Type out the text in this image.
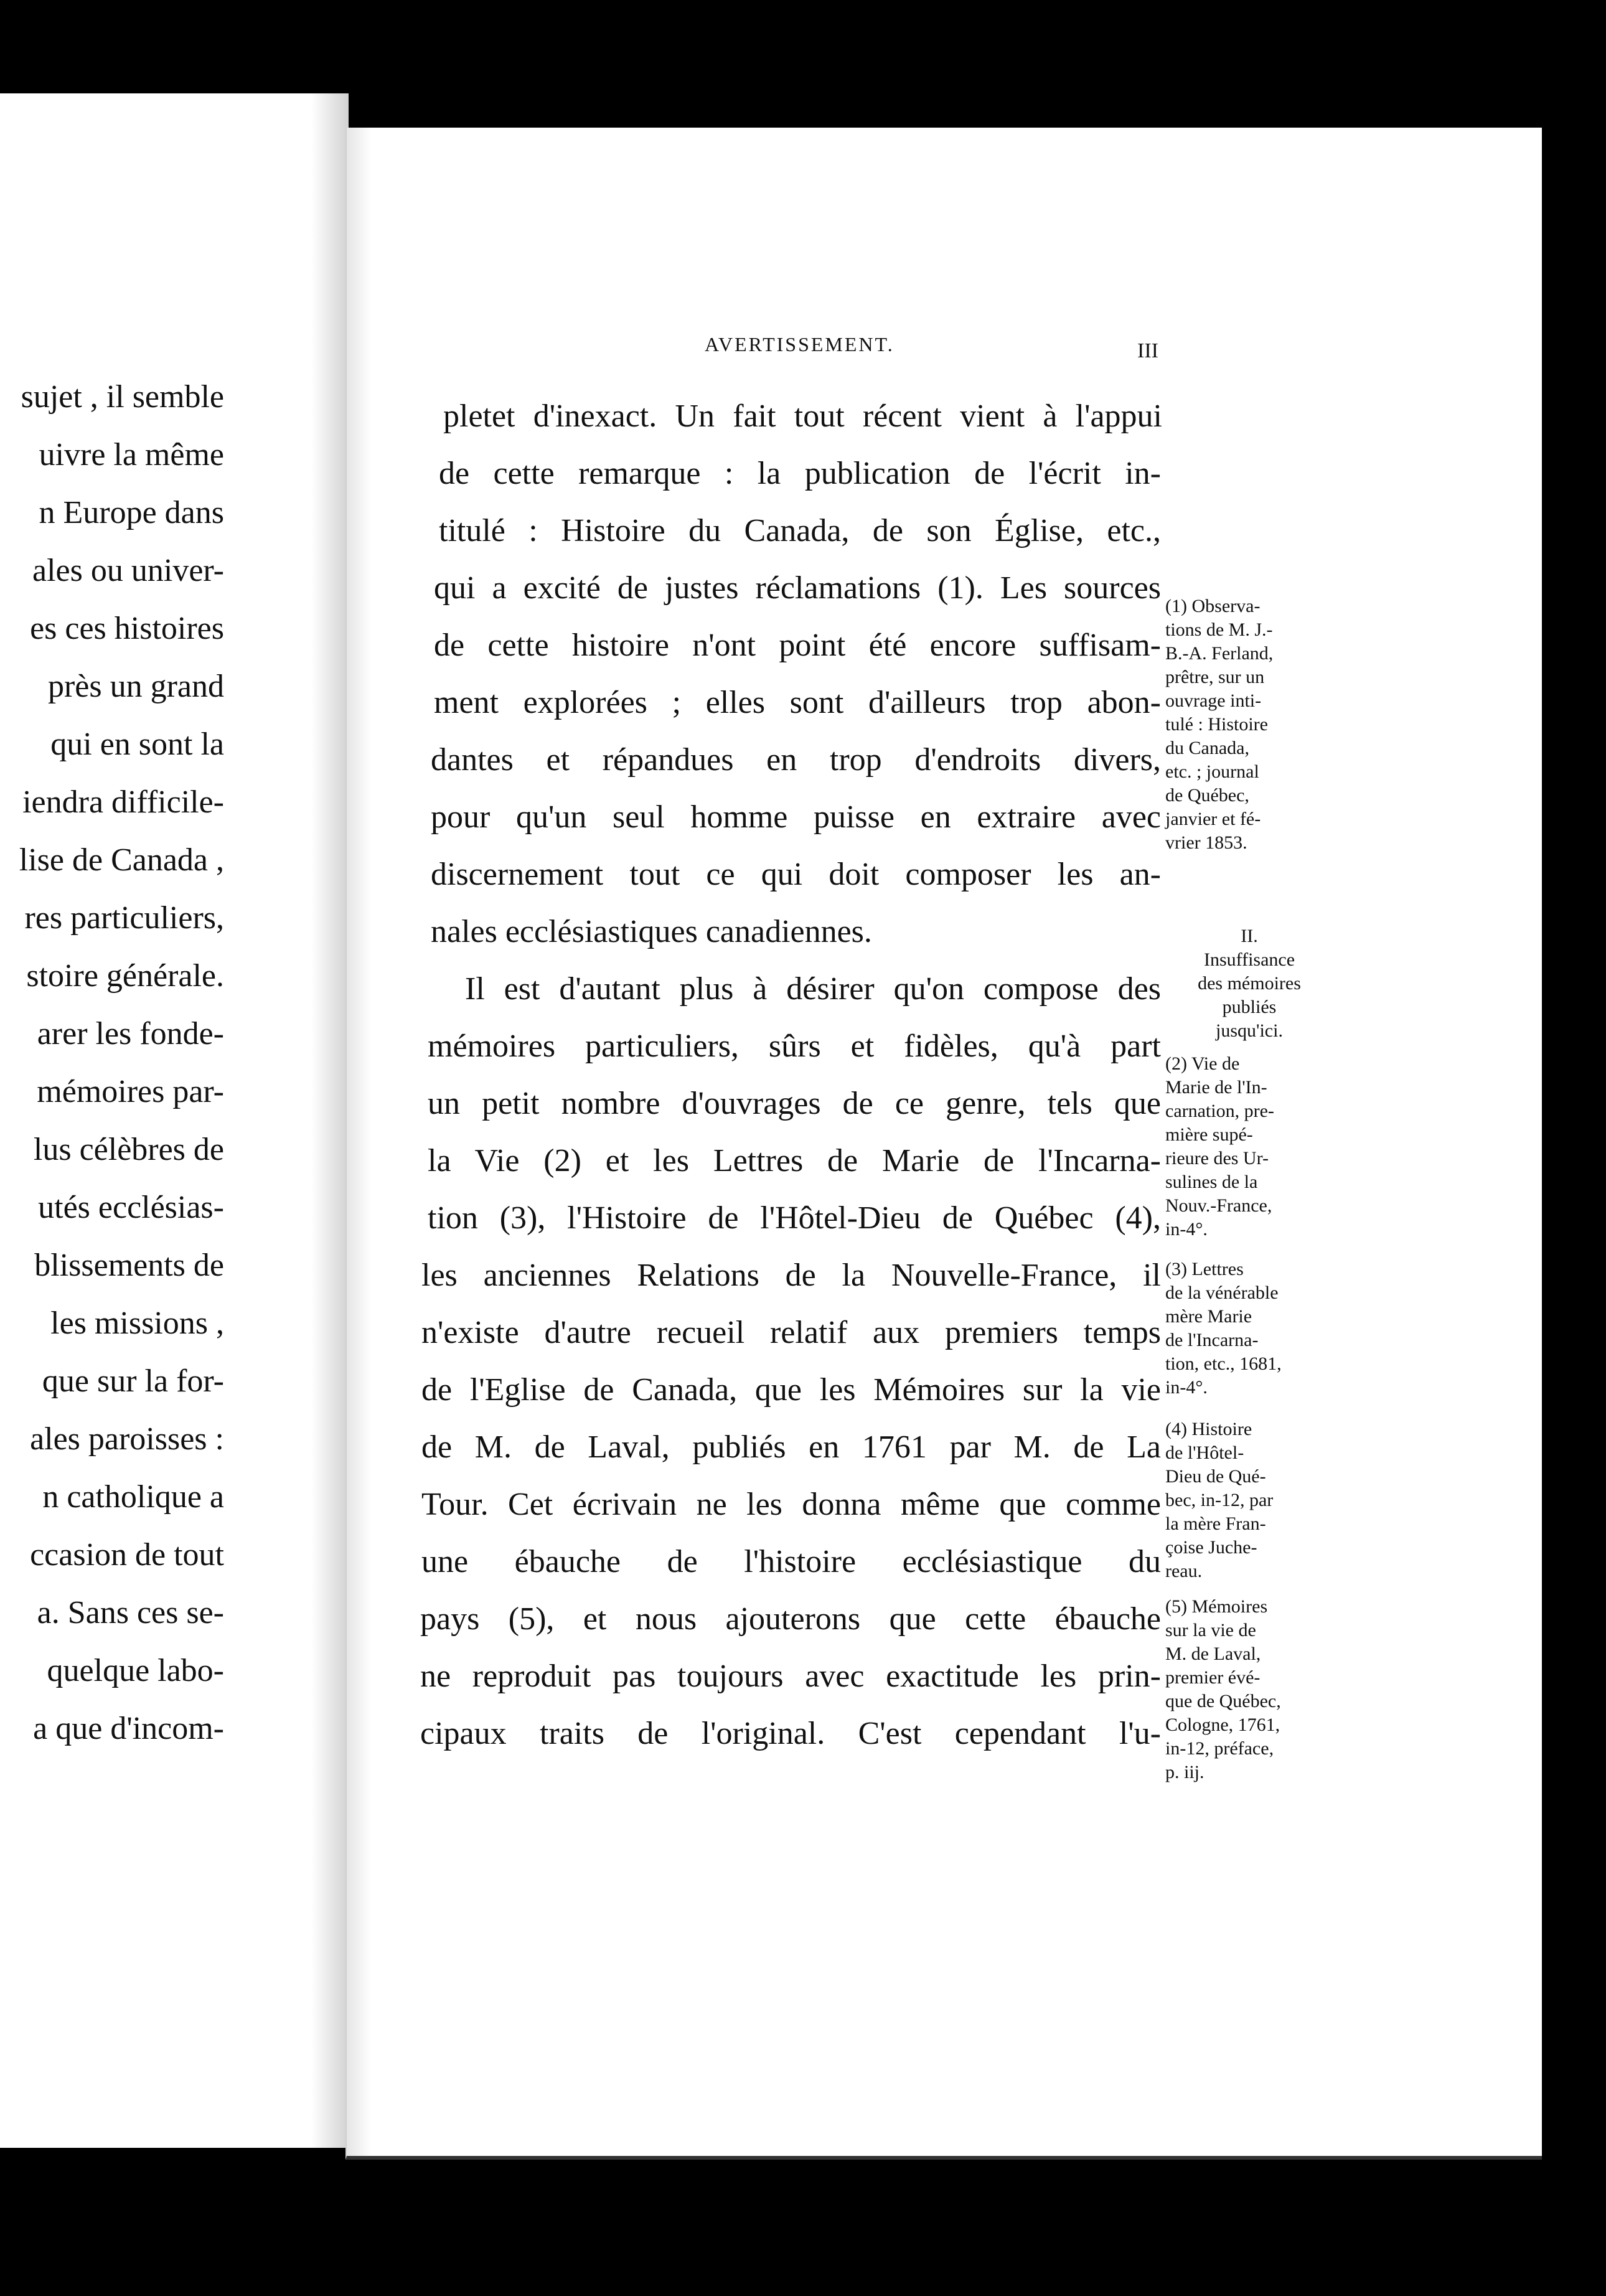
sujet , il semble
uivre la même
n Europe dans
ales ou univer-
es ces histoires
près un grand
qui en sont la
iendra difficile-
lise de Canada ,
res particuliers,
stoire générale.
arer les fonde-
mémoires par-
lus célèbres de
utés ecclésias-
blissements de
les missions ,
que sur la for-
ales paroisses :
n catholique a
ccasion de tout
a. Sans ces se-
quelque labo-
a que d'incom-
AVERTISSEMENT.	III
pletet d'inexact. Un fait tout récent vient à l'appui
de cette remarque : la publication de l'écrit in-
titulé : Histoire du Canada, de son Église, etc.,
qui a excité de justes réclamations (1). Les sources
de cette histoire n'ont point été encore suffisam-
ment explorées ; elles sont d'ailleurs trop abon-
dantes et répandues en trop d'endroits divers,
pour qu'un seul homme puisse en extraire avec
discernement tout ce qui doit composer les an-
nales ecclésiastiques canadiennes.
Il est d'autant plus à désirer qu'on compose des
mémoires particuliers, sûrs et fidèles, qu'à part
un petit nombre d'ouvrages de ce genre, tels que
la Vie (2) et les Lettres de Marie de l'Incarna-
tion (3), l'Histoire de l'Hôtel-Dieu de Québec (4),
les anciennes Relations de la Nouvelle-France, il
n'existe d'autre recueil relatif aux premiers temps
de l'Eglise de Canada, que les Mémoires sur la vie
de M. de Laval, publiés en 1761 par M. de La
Tour. Cet écrivain ne les donna même que comme
une ébauche de l'histoire ecclésiastique du
pays (5), et nous ajouterons que cette ébauche
ne reproduit pas toujours avec exactitude les prin-
cipaux traits de l'original. C'est cependant l'u-
(1) Observa-
tions de M. J.-
B.-A. Ferland,
prêtre, sur un
ouvrage inti-
tulé : Histoire
du Canada,
etc. ; journal
de Québec,
janvier et fé-
vrier 1853.
II.
Insuffisance
des mémoires
publiés
jusqu'ici.
(2) Vie de
Marie de l'In-
carnation, pre-
mière supé-
rieure des Ur-
sulines de la
Nouv.-France,
in-4°.
(3) Lettres
de la vénérable
mère Marie
de l'Incarna-
tion, etc., 1681,
in-4°.
(4) Histoire
de l'Hôtel-
Dieu de Qué-
bec, in-12, par
la mère Fran-
çoise Juche-
reau.
(5) Mémoires
sur la vie de
M. de Laval,
premier évé-
que de Québec,
Cologne, 1761,
in-12, préface,
p. iij.
